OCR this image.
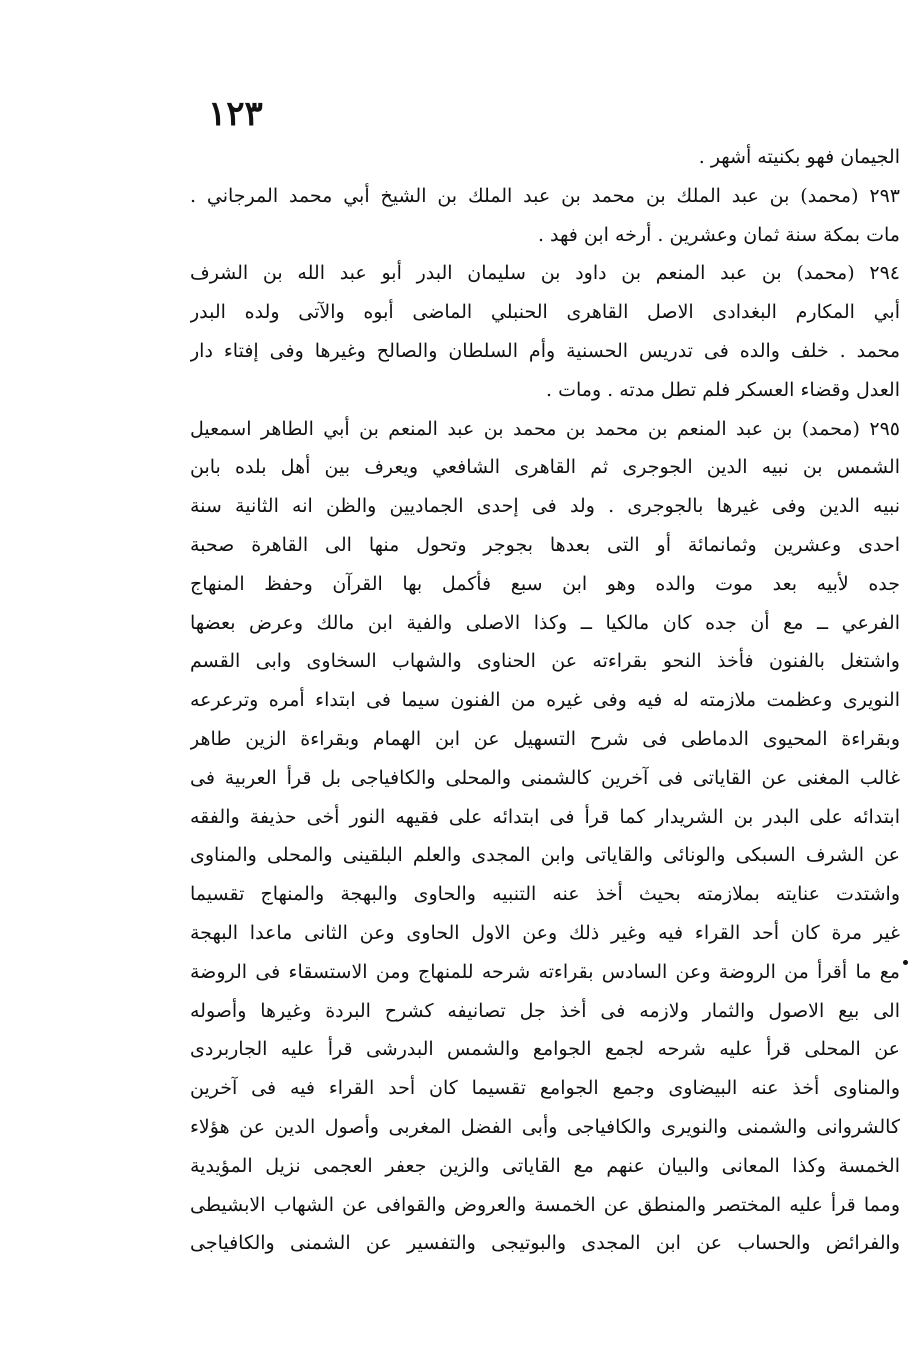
١٢٣
الجيمان فهو بكنيته أشهر .
٢٩٣ (محمد) بن عبد الملك بن محمد بن عبد الملك بن الشيخ أبي محمد المرجاني .
مات بمكة سنة ثمان وعشرين . أرخه ابن فهد .
٢٩٤ (محمد) بن عبد المنعم بن داود بن سليمان البدر أبو عبد الله بن الشرف
أبي المكارم البغدادى الاصل القاهرى الحنبلي الماضى أبوه والآتى ولده البدر
محمد . خلف والده فى تدريس الحسنية وأم السلطان والصالح وغيرها وفى إفتاء دار
العدل وقضاء العسكر فلم تطل مدته . ومات .
٢٩٥ (محمد) بن عبد المنعم بن محمد بن محمد بن عبد المنعم بن أبي الطاهر اسمعيل
الشمس بن نبيه الدين الجوجرى ثم القاهرى الشافعي ويعرف بين أهل بلده بابن
نبيه الدين وفى غيرها بالجوجرى . ولد فى إحدى الجماديين والظن انه الثانية سنة
احدى وعشرين وثمانمائة أو التى بعدها بجوجر وتحول منها الى القاهرة صحبة
جده لأبيه بعد موت والده وهو ابن سبع فأكمل بها القرآن وحفظ المنهاج
الفرعي ــ مع أن جده كان مالكيا ــ وكذا الاصلى والفية ابن مالك وعرض بعضها
واشتغل بالفنون فأخذ النحو بقراءته عن الحناوى والشهاب السخاوى وابى القسم
النويرى وعظمت ملازمته له فيه وفى غيره من الفنون سيما فى ابتداء أمره وترعرعه
وبقراءة المحيوى الدماطى فى شرح التسهيل عن ابن الهمام وبقراءة الزين طاهر
غالب المغنى عن القاياتى فى آخرين كالشمنى والمحلى والكافياجى بل قرأ العربية فى
ابتدائه على البدر بن الشريدار كما قرأ فى ابتدائه على فقيهه النور أخى حذيفة والفقه
عن الشرف السبكى والونائى والقاياتى وابن المجدى والعلم البلقينى والمحلى والمناوى
واشتدت عنايته بملازمته بحيث أخذ عنه التنبيه والحاوى والبهجة والمنهاج تقسيما
غير مرة كان أحد القراء فيه وغير ذلك وعن الاول الحاوى وعن الثانى ماعدا البهجة
مع ما أقرأ من الروضة وعن السادس بقراءته شرحه للمنهاج ومن الاستسقاء فى الروضة
الى بيع الاصول والثمار ولازمه فى أخذ جل تصانيفه كشرح البردة وغيرها وأصوله
عن المحلى قرأ عليه شرحه لجمع الجوامع والشمس البدرشى قرأ عليه الجاربردى
والمناوى أخذ عنه البيضاوى وجمع الجوامع تقسيما كان أحد القراء فيه فى آخرين
كالشروانى والشمنى والنويرى والكافياجى وأبى الفضل المغربى وأصول الدين عن هؤلاء
الخمسة وكذا المعانى والبيان عنهم مع القاياتى والزين جعفر العجمى نزيل المؤيدية
ومما قرأ عليه المختصر والمنطق عن الخمسة والعروض والقوافى عن الشهاب الابشيطى
والفرائض والحساب عن ابن المجدى والبوتيجى والتفسير عن الشمنى والكافياجى
